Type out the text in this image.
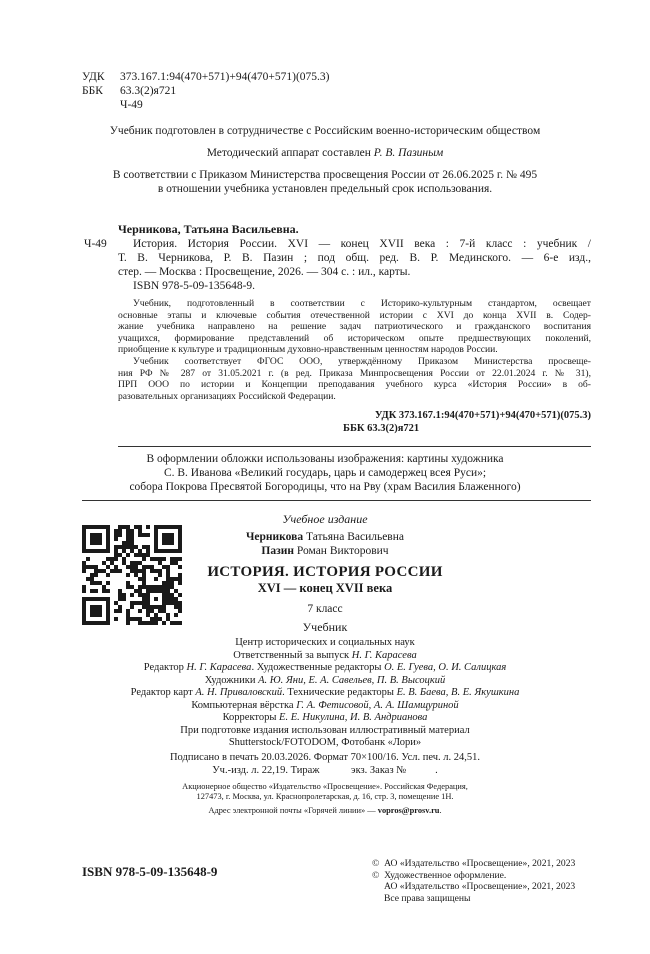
УДК 373.167.1:94(470+571)+94(470+571)(075.3)
ББК 63.3(2)я721
Ч-49
Учебник подготовлен в сотрудничестве с Российским военно-историческим обществом
Методический аппарат составлен Р. В. Пазиным
В соответствии с Приказом Министерства просвещения России от 26.06.2025 г. № 495
в отношении учебника установлен предельный срок использования.
Черникова, Татьяна Васильевна.
Ч-49 История. История России. XVI — конец XVII века : 7-й класс : учебник /
Т. В. Черникова, Р. В. Пазин ; под общ. ред. В. Р. Мединского. — 6-е изд.,
стер. — Москва : Просвещение, 2026. — 304 с. : ил., карты.
ISBN 978-5-09-135648-9.
Учебник, подготовленный в соответствии с Историко-культурным стандартом, освещает
основные этапы и ключевые события отечественной истории с XVI до конца XVII в. Содер-
жание учебника направлено на решение задач патриотического и гражданского воспитания
учащихся, формирование представлений об историческом опыте предшествующих поколений,
приобщение к культуре и традиционным духовно-нравственным ценностям народов России.
Учебник соответствует ФГОС ООО, утверждённому Приказом Министерства просвеще-
ния РФ № 287 от 31.05.2021 г. (в ред. Приказа Минпросвещения России от 22.01.2024 г. № 31),
ПРП ООО по истории и Концепции преподавания учебного курса «История России» в об-
разовательных организациях Российской Федерации.
УДК 373.167.1:94(470+571)+94(470+571)(075.3)
ББК 63.3(2)я721
В оформлении обложки использованы изображения: картины художника
С. В. Иванова «Великий государь, царь и самодержец всея Руси»;
собора Покрова Пресвятой Богородицы, что на Рву (храм Василия Блаженного)
Учебное издание
Черникова Татьяна Васильевна
Пазин Роман Викторович
ИСТОРИЯ. ИСТОРИЯ РОССИИ
XVI — конец XVII века
7 класс
Учебник
Центр исторических и социальных наук
Ответственный за выпуск Н. Г. Карасева
Редактор Н. Г. Карасева. Художественные редакторы О. Е. Гуева, О. И. Салицкая
Художники А. Ю. Яни, Е. А. Савельев, П. В. Высоцкий
Редактор карт А. Н. Приваловский. Технические редакторы Е. В. Баева, В. Е. Якушкина
Компьютерная вёрстка Г. А. Фетисовой, А. А. Шамщуриной
Корректоры Е. Е. Никулина, И. В. Андрианова
При подготовке издания использован иллюстративный материал
Shutterstock/FOTODOM, Фотобанк «Лори»
Подписано в печать 20.03.2026. Формат 70×100/16. Усл. печ. л. 24,51.
Уч.-изд. л. 22,19. Тираж            экз. Заказ №           .
Акционерное общество «Издательство «Просвещение». Российская Федерация,
127473, г. Москва, ул. Краснопролетарская, д. 16, стр. 3, помещение 1Н.
Адрес электронной почты «Горячей линии» — vopros@prosv.ru.
ISBN 978-5-09-135648-9
©  АО «Издательство «Просвещение», 2021, 2023
©  Художественное оформление.
АО «Издательство «Просвещение», 2021, 2023
Все права защищены
